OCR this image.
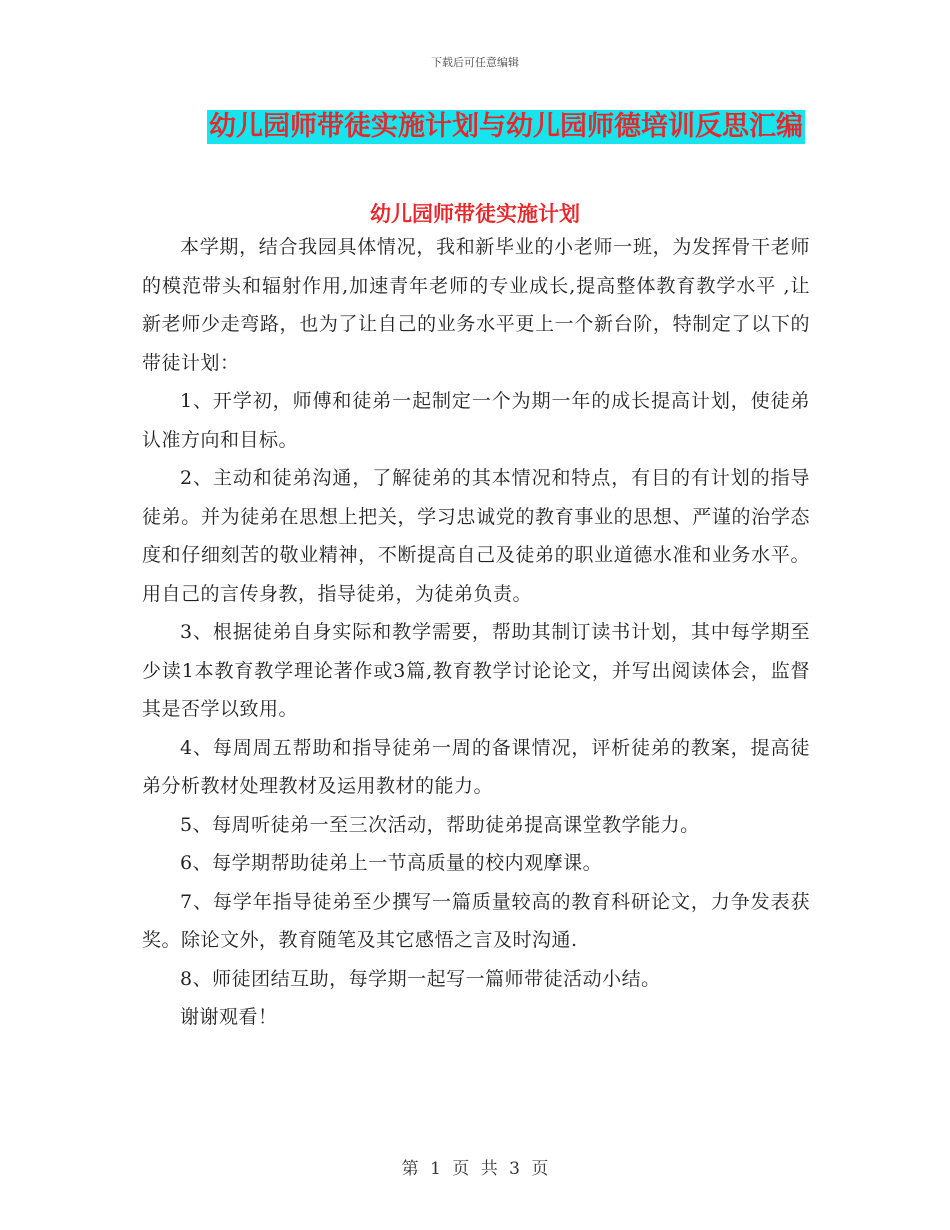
下载后可任意编辑
幼儿园师带徒实施计划与幼儿园师德培训反思汇编
幼儿园师带徒实施计划

本学期，结合我园具体情况，我和新毕业的小老师一班，为发挥骨干老师的模范带头和辐射作用,加速青年老师的专业成长,提高整体教育教学水平 ,让新老师少走弯路，也为了让自己的业务水平更上一个新台阶，特制定了以下的带徒计划：

1、开学初，师傅和徒弟一起制定一个为期一年的成长提高计划，使徒弟认准方向和目标。

2、主动和徒弟沟通，了解徒弟的其本情况和特点，有目的有计划的指导徒弟。并为徒弟在思想上把关，学习忠诚党的教育事业的思想、严谨的治学态度和仔细刻苦的敬业精神，不断提高自己及徒弟的职业道德水准和业务水平。用自己的言传身教，指导徒弟，为徒弟负责。

3、根据徒弟自身实际和教学需要，帮助其制订读书计划，其中每学期至少读1本教育教学理论著作或3篇,教育教学讨论论文，并写出阅读体会，监督其是否学以致用。

4、每周周五帮助和指导徒弟一周的备课情况，评析徒弟的教案，提高徒弟分析教材处理教材及运用教材的能力。

5、每周听徒弟一至三次活动，帮助徒弟提高课堂教学能力。

6、每学期帮助徒弟上一节高质量的校内观摩课。

7、每学年指导徒弟至少撰写一篇质量较高的教育科研论文，力争发表获奖。除论文外，教育随笔及其它感悟之言及时沟通.

8、师徒团结互助，每学期一起写一篇师带徒活动小结。

谢谢观看！

第 1 页 共 3 页
